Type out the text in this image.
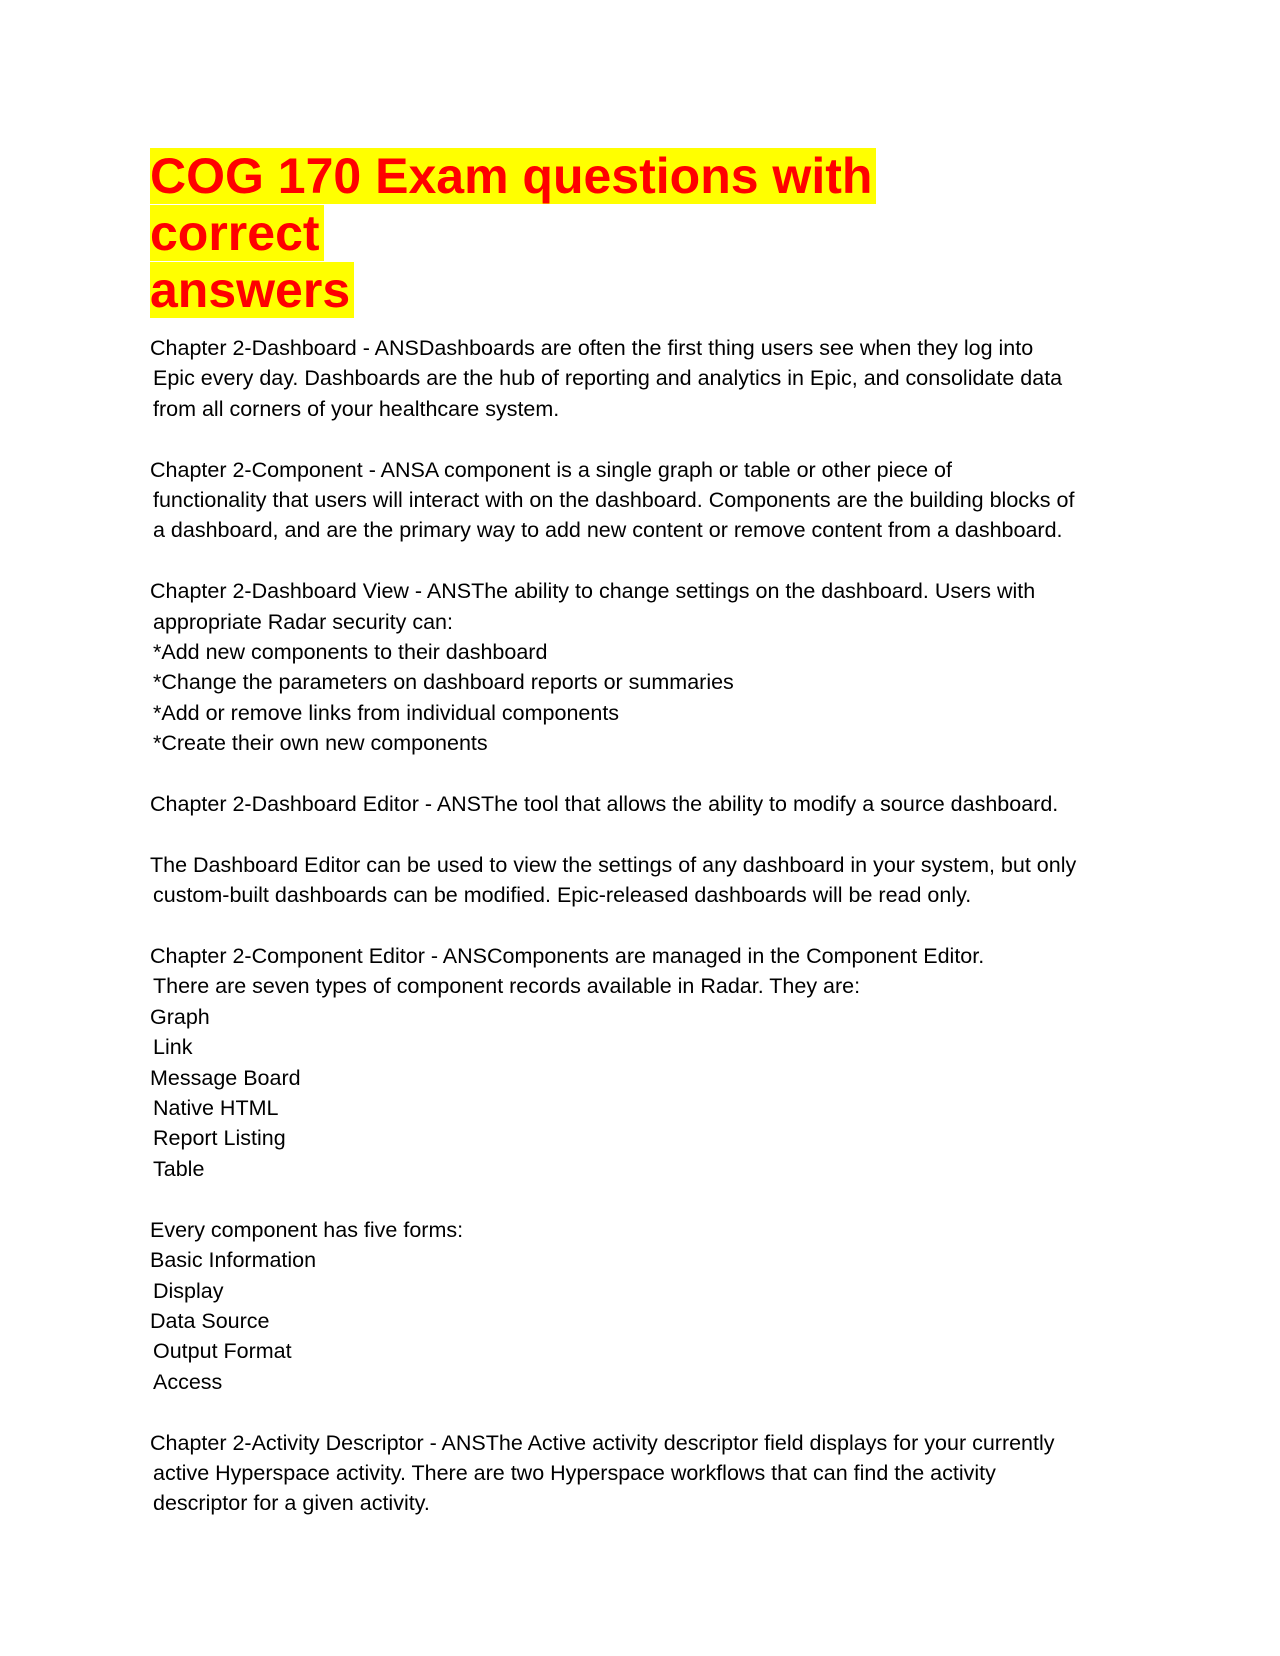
COG 170 Exam questions with correct
answers
Chapter 2-Dashboard - ANSDashboards are often the first thing users see when they log into
Epic every day. Dashboards are the hub of reporting and analytics in Epic, and consolidate data
from all corners of your healthcare system.
Chapter 2-Component - ANSA component is a single graph or table or other piece of
functionality that users will interact with on the dashboard. Components are the building blocks of
a dashboard, and are the primary way to add new content or remove content from a dashboard.
Chapter 2-Dashboard View - ANSThe ability to change settings on the dashboard. Users with
appropriate Radar security can:
*Add new components to their dashboard
*Change the parameters on dashboard reports or summaries
*Add or remove links from individual components
*Create their own new components
Chapter 2-Dashboard Editor - ANSThe tool that allows the ability to modify a source dashboard.
The Dashboard Editor can be used to view the settings of any dashboard in your system, but only
custom-built dashboards can be modified. Epic-released dashboards will be read only.
Chapter 2-Component Editor - ANSComponents are managed in the Component Editor.
There are seven types of component records available in Radar. They are:
Graph
Link
Message Board
Native HTML
Report Listing
Table
Every component has five forms:
Basic Information
Display
Data Source
Output Format
Access
Chapter 2-Activity Descriptor - ANSThe Active activity descriptor field displays for your currently
active Hyperspace activity. There are two Hyperspace workflows that can find the activity
descriptor for a given activity.
